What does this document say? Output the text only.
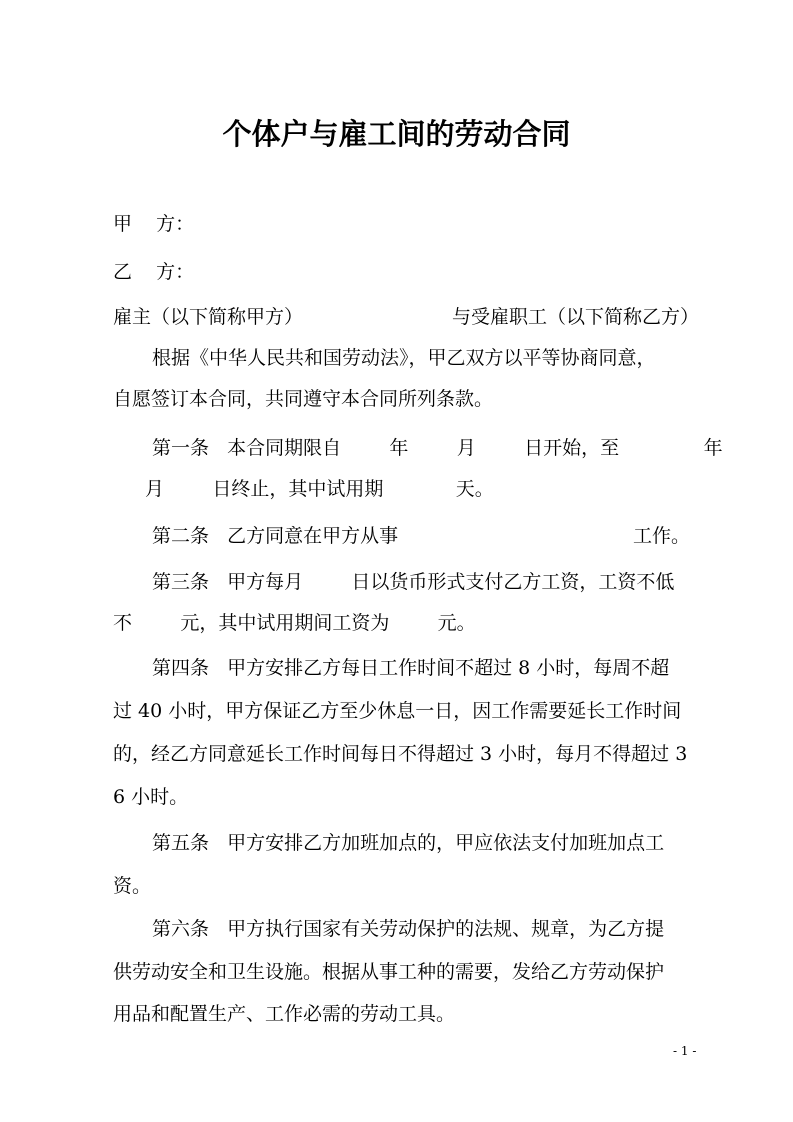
个体户与雇工间的劳动合同
甲    方：
乙    方：
雇主（以下简称甲方）	与受雇职工（以下简称乙方）
根据《中华人民共和国劳动法》，甲乙双方以平等协商同意，
自愿签订本合同，共同遵守本合同所列条款。
第一条   本合同期限自        年        月        日开始，至              年
月        日终止，其中试用期            天。
第二条   乙方同意在甲方从事	工作。
第三条   甲方每月        日以货币形式支付乙方工资，工资不低
不        元，其中试用期间工资为        元。
第四条   甲方安排乙方每日工作时间不超过 8 小时，每周不超
过 40 小时，甲方保证乙方至少休息一日，因工作需要延长工作时间
的，经乙方同意延长工作时间每日不得超过 3 小时，每月不得超过 3
6 小时。
第五条   甲方安排乙方加班加点的，甲应依法支付加班加点工
资。
第六条   甲方执行国家有关劳动保护的法规、规章，为乙方提
供劳动安全和卫生设施。根据从事工种的需要，发给乙方劳动保护
用品和配置生产、工作必需的劳动工具。
- 1 -
